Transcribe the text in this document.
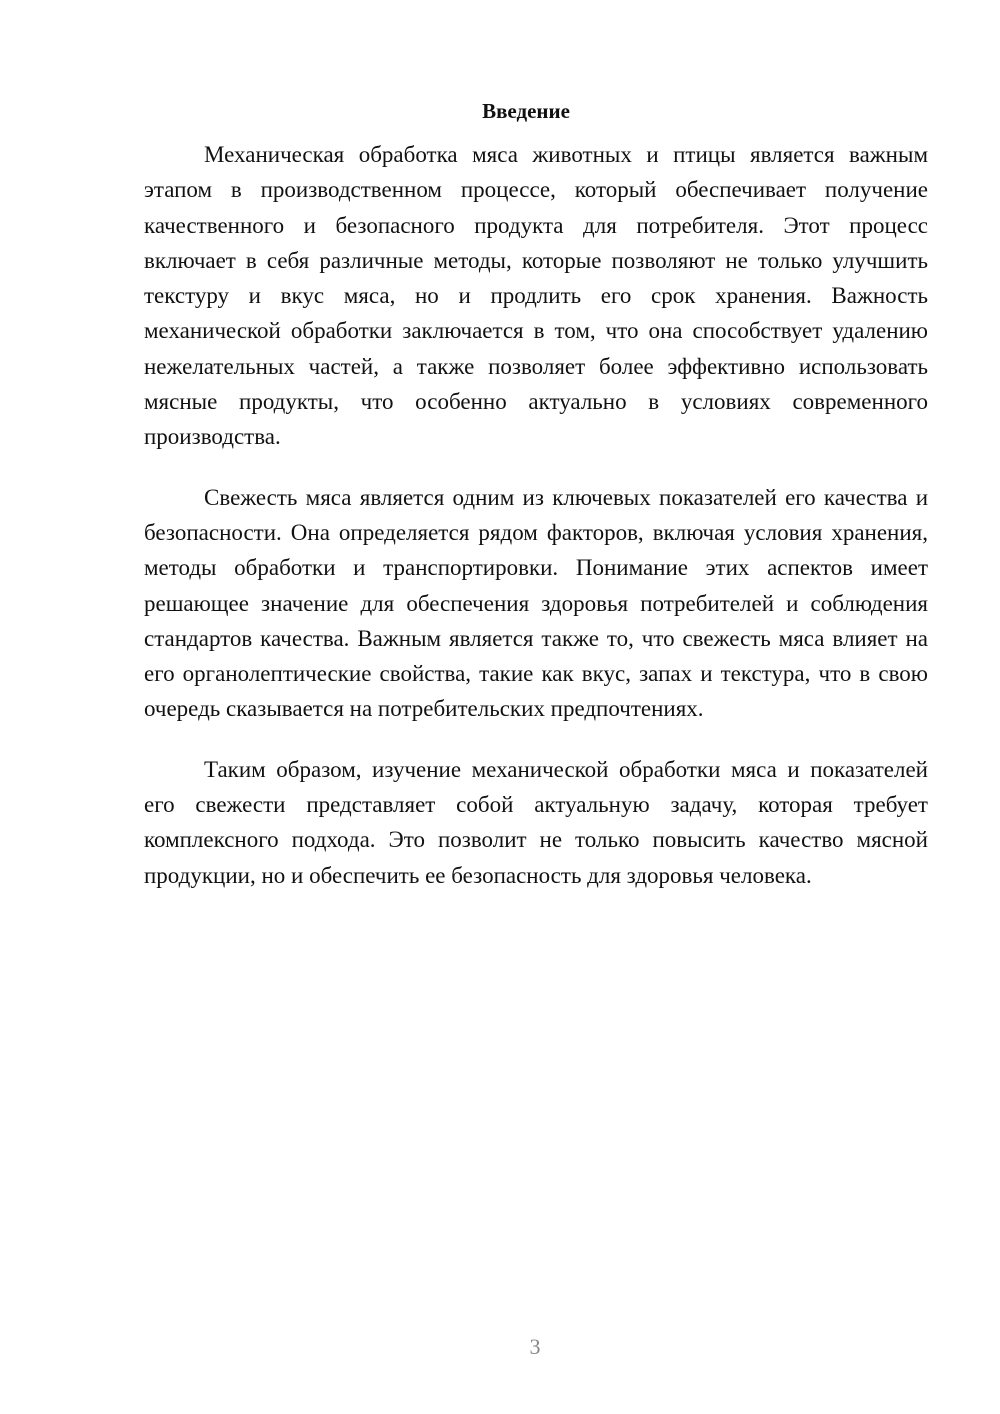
Введение

Механическая обработка мяса животных и птицы является важным этапом в производственном процессе, который обеспечивает получение качественного и безопасного продукта для потребителя. Этот процесс включает в себя различные методы, которые позволяют не только улучшить текстуру и вкус мяса, но и продлить его срок хранения. Важность механической обработки заключается в том, что она способствует удалению нежелательных частей, а также позволяет более эффективно использовать мясные продукты, что особенно актуально в условиях современного производства.

Свежесть мяса является одним из ключевых показателей его качества и безопасности. Она определяется рядом факторов, включая условия хранения, методы обработки и транспортировки. Понимание этих аспектов имеет решающее значение для обеспечения здоровья потребителей и соблюдения стандартов качества. Важным является также то, что свежесть мяса влияет на его органолептические свойства, такие как вкус, запах и текстура, что в свою очередь сказывается на потребительских предпочтениях.

Таким образом, изучение механической обработки мяса и показателей его свежести представляет собой актуальную задачу, которая требует комплексного подхода. Это позволит не только повысить качество мясной продукции, но и обеспечить ее безопасность для здоровья человека.

3
